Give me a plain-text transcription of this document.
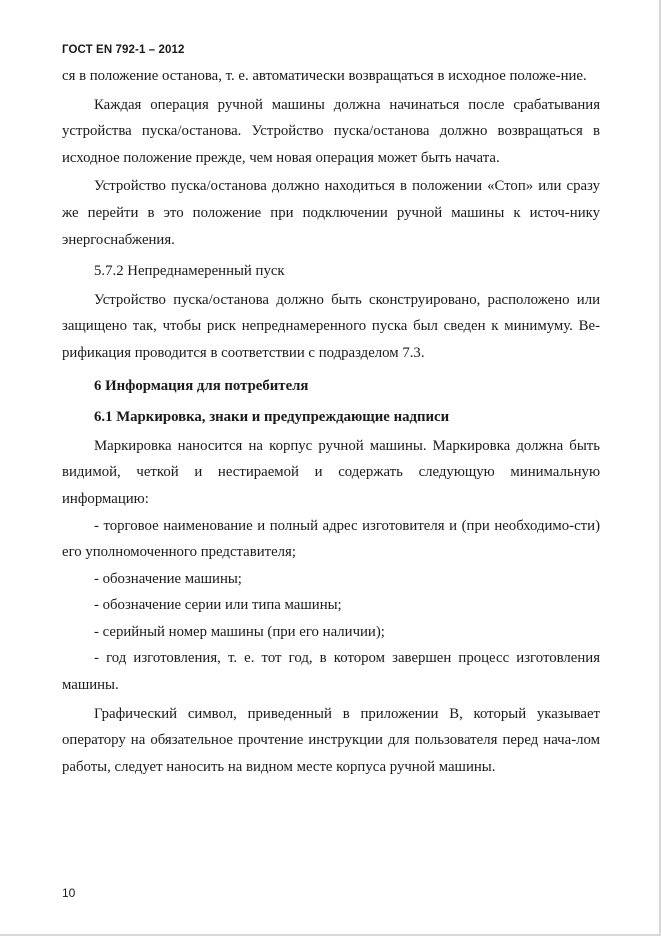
ГОСТ EN 792-1 – 2012

ся в положение останова, т. е. автоматически возвращаться в исходное положе-ние.

Каждая операция ручной машины должна начинаться после срабатывания устройства пуска/останова. Устройство пуска/останова должно возвращаться в исходное положение прежде, чем новая операция может быть начата.

Устройство пуска/останова должно находиться в положении «Стоп» или сразу же перейти в это положение при подключении ручной машины к источ-нику энергоснабжения.

5.7.2 Непреднамеренный пуск

Устройство пуска/останова должно быть сконструировано, расположено или защищено так, чтобы риск непреднамеренного пуска был сведен к минимуму. Ве-рификация проводится в соответствии с подразделом 7.3.

6 Информация для потребителя

6.1 Маркировка, знаки и предупреждающие надписи

Маркировка наносится на корпус ручной машины. Маркировка должна быть видимой, четкой и нестираемой и содержать следующую минимальную информацию:

- торговое наименование и полный адрес изготовителя и (при необходимо-сти) его уполномоченного представителя;

- обозначение машины;

- обозначение серии или типа машины;

- серийный номер машины (при его наличии);

- год изготовления, т. е. тот год, в котором завершен процесс изготовления машины.

Графический символ, приведенный в приложении В, который указывает оператору на обязательное прочтение инструкции для пользователя перед нача-лом работы, следует наносить на видном месте корпуса ручной машины.

10
